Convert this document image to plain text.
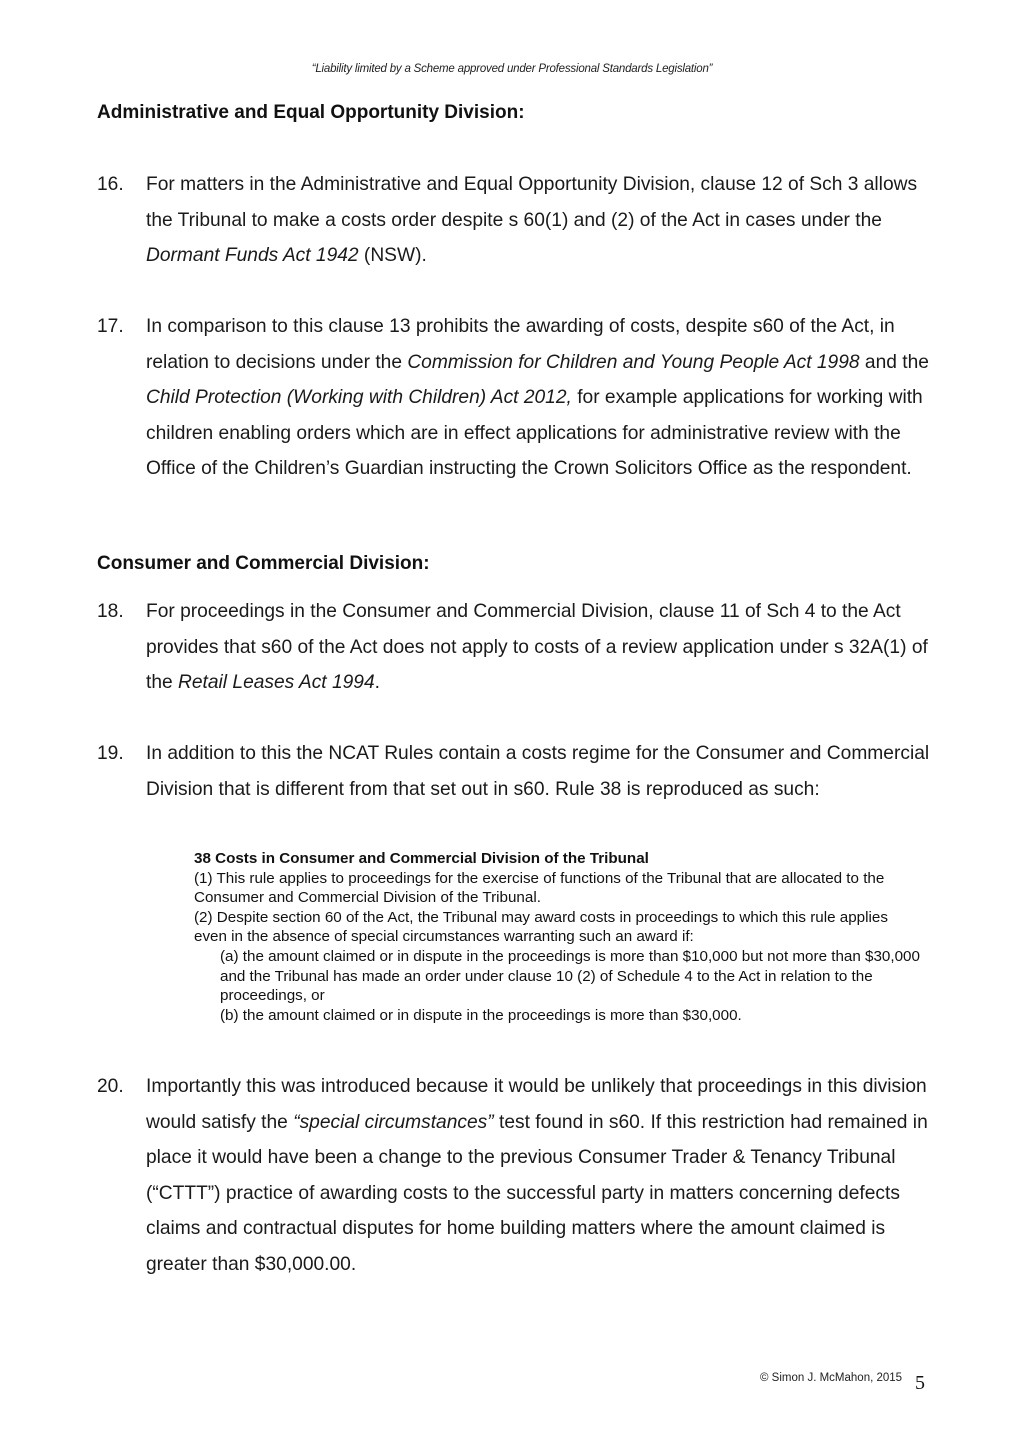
“Liability limited by a Scheme approved under Professional Standards Legislation”
Administrative and Equal Opportunity Division:
16. For matters in the Administrative and Equal Opportunity Division, clause 12 of Sch 3 allows the Tribunal to make a costs order despite s 60(1) and (2) of the Act in cases under the Dormant Funds Act 1942 (NSW).
17. In comparison to this clause 13 prohibits the awarding of costs, despite s60 of the Act, in relation to decisions under the Commission for Children and Young People Act 1998 and the Child Protection (Working with Children) Act 2012, for example applications for working with children enabling orders which are in effect applications for administrative review with the Office of the Children’s Guardian instructing the Crown Solicitors Office as the respondent.
Consumer and Commercial Division:
18. For proceedings in the Consumer and Commercial Division, clause 11 of Sch 4 to the Act provides that s60 of the Act does not apply to costs of a review application under s 32A(1) of the Retail Leases Act 1994.
19. In addition to this the NCAT Rules contain a costs regime for the Consumer and Commercial Division that is different from that set out in s60. Rule 38 is reproduced as such:
38 Costs in Consumer and Commercial Division of the Tribunal
(1) This rule applies to proceedings for the exercise of functions of the Tribunal that are allocated to the Consumer and Commercial Division of the Tribunal.
(2) Despite section 60 of the Act, the Tribunal may award costs in proceedings to which this rule applies even in the absence of special circumstances warranting such an award if:
(a) the amount claimed or in dispute in the proceedings is more than $10,000 but not more than $30,000 and the Tribunal has made an order under clause 10 (2) of Schedule 4 to the Act in relation to the proceedings, or
(b) the amount claimed or in dispute in the proceedings is more than $30,000.
20. Importantly this was introduced because it would be unlikely that proceedings in this division would satisfy the “special circumstances” test found in s60. If this restriction had remained in place it would have been a change to the previous Consumer Trader & Tenancy Tribunal (“CTTT”) practice of awarding costs to the successful party in matters concerning defects claims and contractual disputes for home building matters where the amount claimed is greater than $30,000.00.
© Simon J. McMahon, 2015 5
